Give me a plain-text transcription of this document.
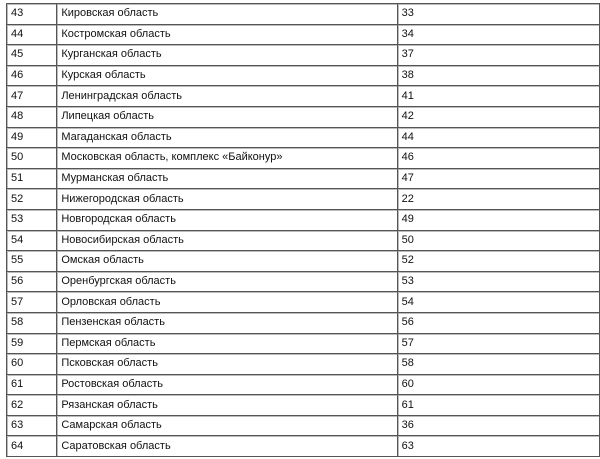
43	Кировская область	33
44	Костромская область	34
45	Курганская область	37
46	Курская область	38
47	Ленинградская область	41
48	Липецкая область	42
49	Магаданская область	44
50	Московская область, комплекс «Байконур»	46
51	Мурманская область	47
52	Нижегородская область	22
53	Новгородская область	49
54	Новосибирская область	50
55	Омская область	52
56	Оренбургская область	53
57	Орловская область	54
58	Пензенская область	56
59	Пермская область	57
60	Псковская область	58
61	Ростовская область	60
62	Рязанская область	61
63	Самарская область	36
64	Саратовская область	63
